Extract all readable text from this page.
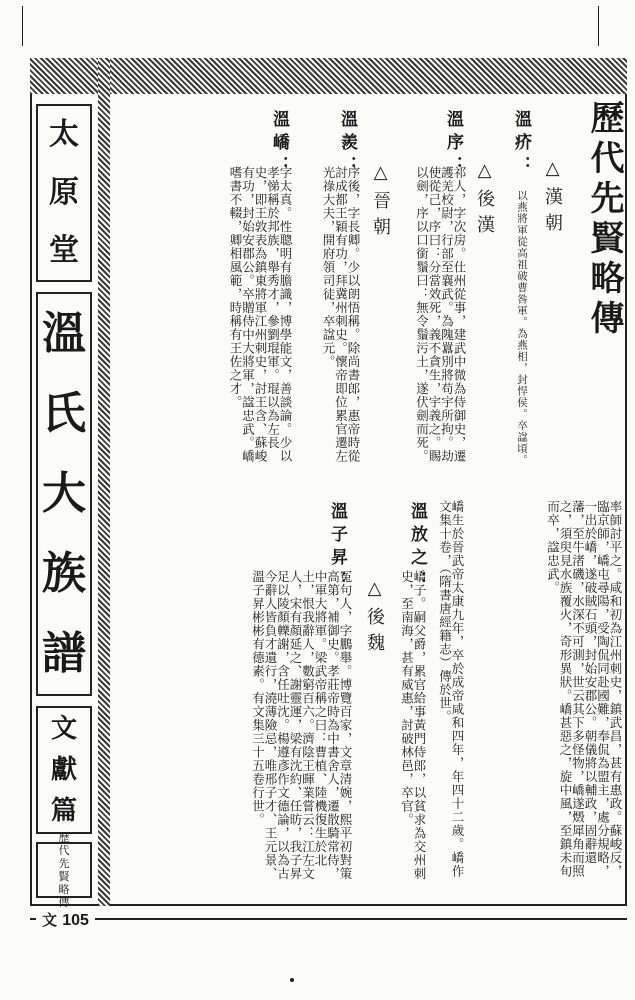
太
原
堂
溫
氏
大
族
譜
文
獻
篇
歷
代
先
賢
略
傳
歷代先賢略傳
△漢朝
溫疥：
以燕將軍從高祖破曹咎軍。為燕相，封悍侯。卒諡頃。
△後漢
溫序：
祁人，字次房。仕州從事，建武中微為侍御史，遷護羌校尉，行部至襄武。為隗囂別將苟宇所拘。劫使從己，序曰：分當效死，義不貪生，宇義之。賜以劍，序以口銜鬚曰：無令鬚污土，遂伏劍而死。
△晉朝
溫羨：
序後，字長卿。少以朗悟稱。除尚書郎，惠帝時從討成都王穎有功，拜冀州刺史。懷帝即位累官遷左光祿大夫，開府領司徒，卒諡元。
溫嶠：
字太真。性聰明有膽識，博學能文，善談論。少以孝悌稱於邦族，舉秀才，參劉琨軍。琨以為左長史，即王敦表為鎮東將軍江州刺史，討王含、蘇峻有功，封始安郡公。卒贈侍中大將軍，諡忠武。嶠嗜書不輟，卿相風範，時稱有王佐之才。
率師討平之。咸和初為江州刺史，鎮武昌，甚有惠政。蘇峻反，臨京師，嶠屯尋陽，受陶侃同赴國難，奉侃為盟主，處分規略，一出於嶠，遂破賊石頭，封始安郡公。朝儀將以輔政，固辭還藩，至牛渚磯，水深不可測，世云其下多怪物，嶠遂燬犀角而照之，須臾見水族覆火，奇形異狀。嶠甚惡之，旋中風，至鎮未旬而卒，諡忠武。
嶠生於晉武帝太康九年，卒於成帝咸和四年，年四十二歲。嶠作文集十卷，（隋書唐經籍志）傳於世。
溫放之：
嶠子。嗣父爵，累官給事黃門侍郎，以貧求為交州刺史，至南海，甚有威惠，討破林邑，卒官。
△後魏
溫子昇：
冤句人，字鵬舉。博覽百家，文章清婉，熙平初對策高第，補御史。孝莊帝時為中書舍人，遷散騎常侍，中軍大將軍。梁武帝稱之曰：曹植、陸機復生於北土，恨我辭人，數窮百六。濟陰王暉業嘗云：江左文人，宋有顏延之、謝靈運，梁有沈約、任昉，我子昇足以陵顏轢謝，含任吐沈。楊遵彥作文德論，以為古今辭人皆負才遺行，澆薄險忌，唯邢子才、王元景、溫子昇彬彬有德素。有文集三十五卷行世。
文 105
